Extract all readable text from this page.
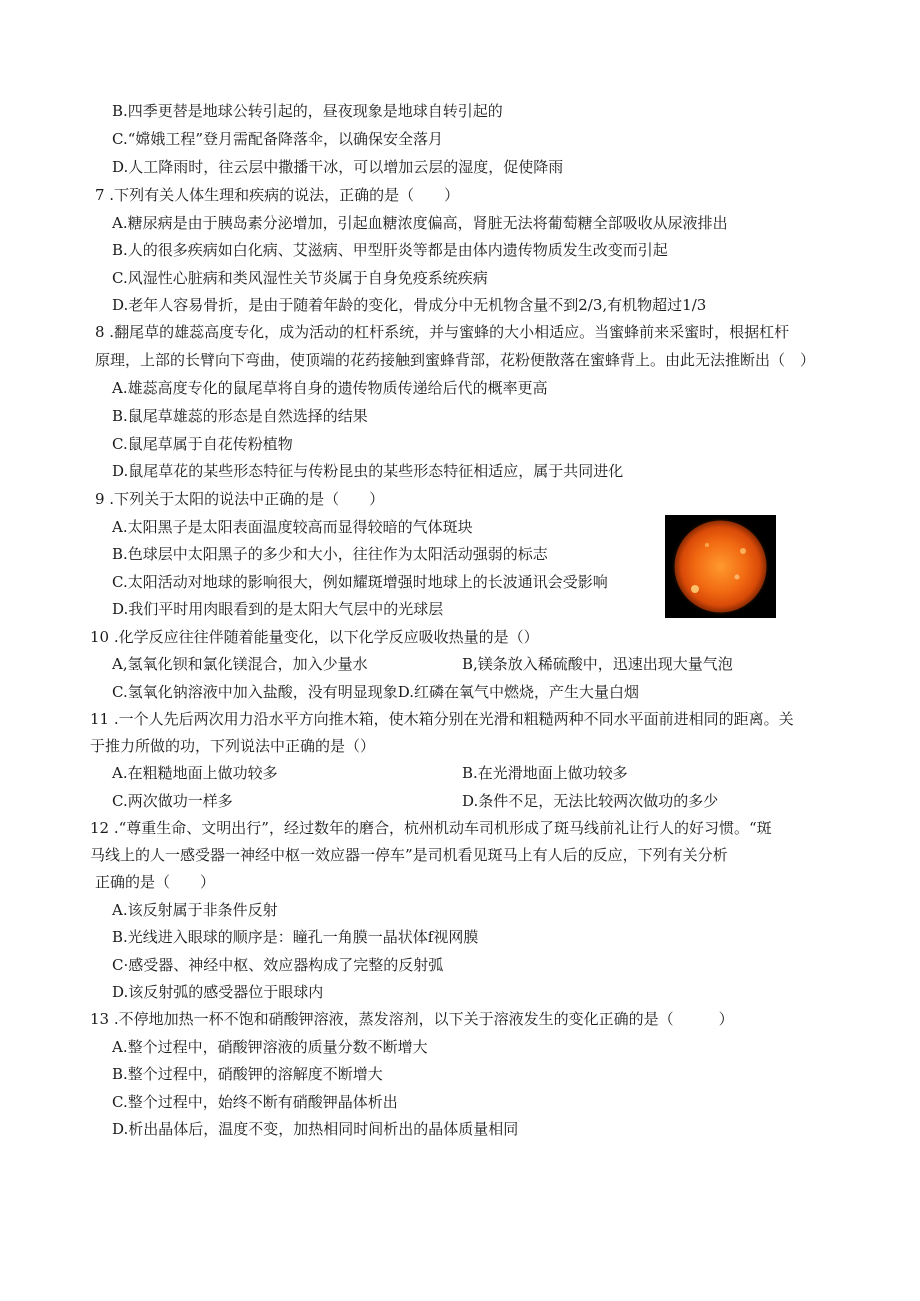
B.四季更替是地球公转引起的，昼夜现象是地球自转引起的
C.“嫦娥工程”登月需配备降落伞，以确保安全落月
D.人工降雨时，往云层中撒播干冰，可以增加云层的湿度，促使降雨
7 .下列有关人体生理和疾病的说法，正确的是（　　）
A.糖尿病是由于胰岛素分泌增加，引起血糖浓度偏高，肾脏无法将葡萄糖全部吸收从尿液排出
B.人的很多疾病如白化病、艾滋病、甲型肝炎等都是由体内遗传物质发生改变而引起
C.风湿性心脏病和类风湿性关节炎属于自身免疫系统疾病
D.老年人容易骨折，是由于随着年龄的变化，骨成分中无机物含量不到2/3,有机物超过1/3
8 .翻尾草的雄蕊高度专化，成为活动的杠杆系统，并与蜜蜂的大小相适应。当蜜蜂前来采蜜时，根据杠杆
原理，上部的长臂向下弯曲，使顶端的花药接触到蜜蜂背部，花粉便散落在蜜蜂背上。由此无法推断出（　）
A.雄蕊高度专化的鼠尾草将自身的遗传物质传递给后代的概率更高
B.鼠尾草雄蕊的形态是自然选择的结果
C.鼠尾草属于自花传粉植物
D.鼠尾草花的某些形态特征与传粉昆虫的某些形态特征相适应，属于共同进化
9 .下列关于太阳的说法中正确的是（　　）
A.太阳黑子是太阳表面温度较高而显得较暗的气体斑块
B.色球层中太阳黑子的多少和大小，往往作为太阳活动强弱的标志
C.太阳活动对地球的影响很大，例如耀斑增强时地球上的长波通讯会受影响
D.我们平时用肉眼看到的是太阳大气层中的光球层
10 .化学反应往往伴随着能量变化，以下化学反应吸收热量的是（）
A,氢氧化钡和氯化镁混合，加入少量水	B,镁条放入稀硫酸中，迅速出现大量气泡
C.氢氧化钠溶液中加入盐酸，没有明显现象D.红磷在氧气中燃烧，产生大量白烟
11 .一个人先后两次用力沿水平方向推木箱，使木箱分别在光滑和粗糙两种不同水平面前进相同的距离。关
于推力所做的功，下列说法中正确的是（）
A.在粗糙地面上做功较多	B.在光滑地面上做功较多
C.两次做功一样多	D.条件不足，无法比较两次做功的多少
12 .“尊重生命、文明出行”，经过数年的磨合，杭州机动车司机形成了斑马线前礼让行人的好习惯。“斑
马线上的人一感受器一神经中枢一效应器一停车”是司机看见斑马上有人后的反应，下列有关分析
正确的是（　　）
A.该反射属于非条件反射
B.光线进入眼球的顺序是：瞳孔一角膜一晶状体f视网膜
C·感受器、神经中枢、效应器构成了完整的反射弧
D.该反射弧的感受器位于眼球内
13 .不停地加热一杯不饱和硝酸钾溶液，蒸发溶剂，以下关于溶液发生的变化正确的是（　　　）
A.整个过程中，硝酸钾溶液的质量分数不断增大
B.整个过程中，硝酸钾的溶解度不断增大
C.整个过程中，始终不断有硝酸钾晶体析出
D.析出晶体后，温度不变，加热相同时间析出的晶体质量相同
